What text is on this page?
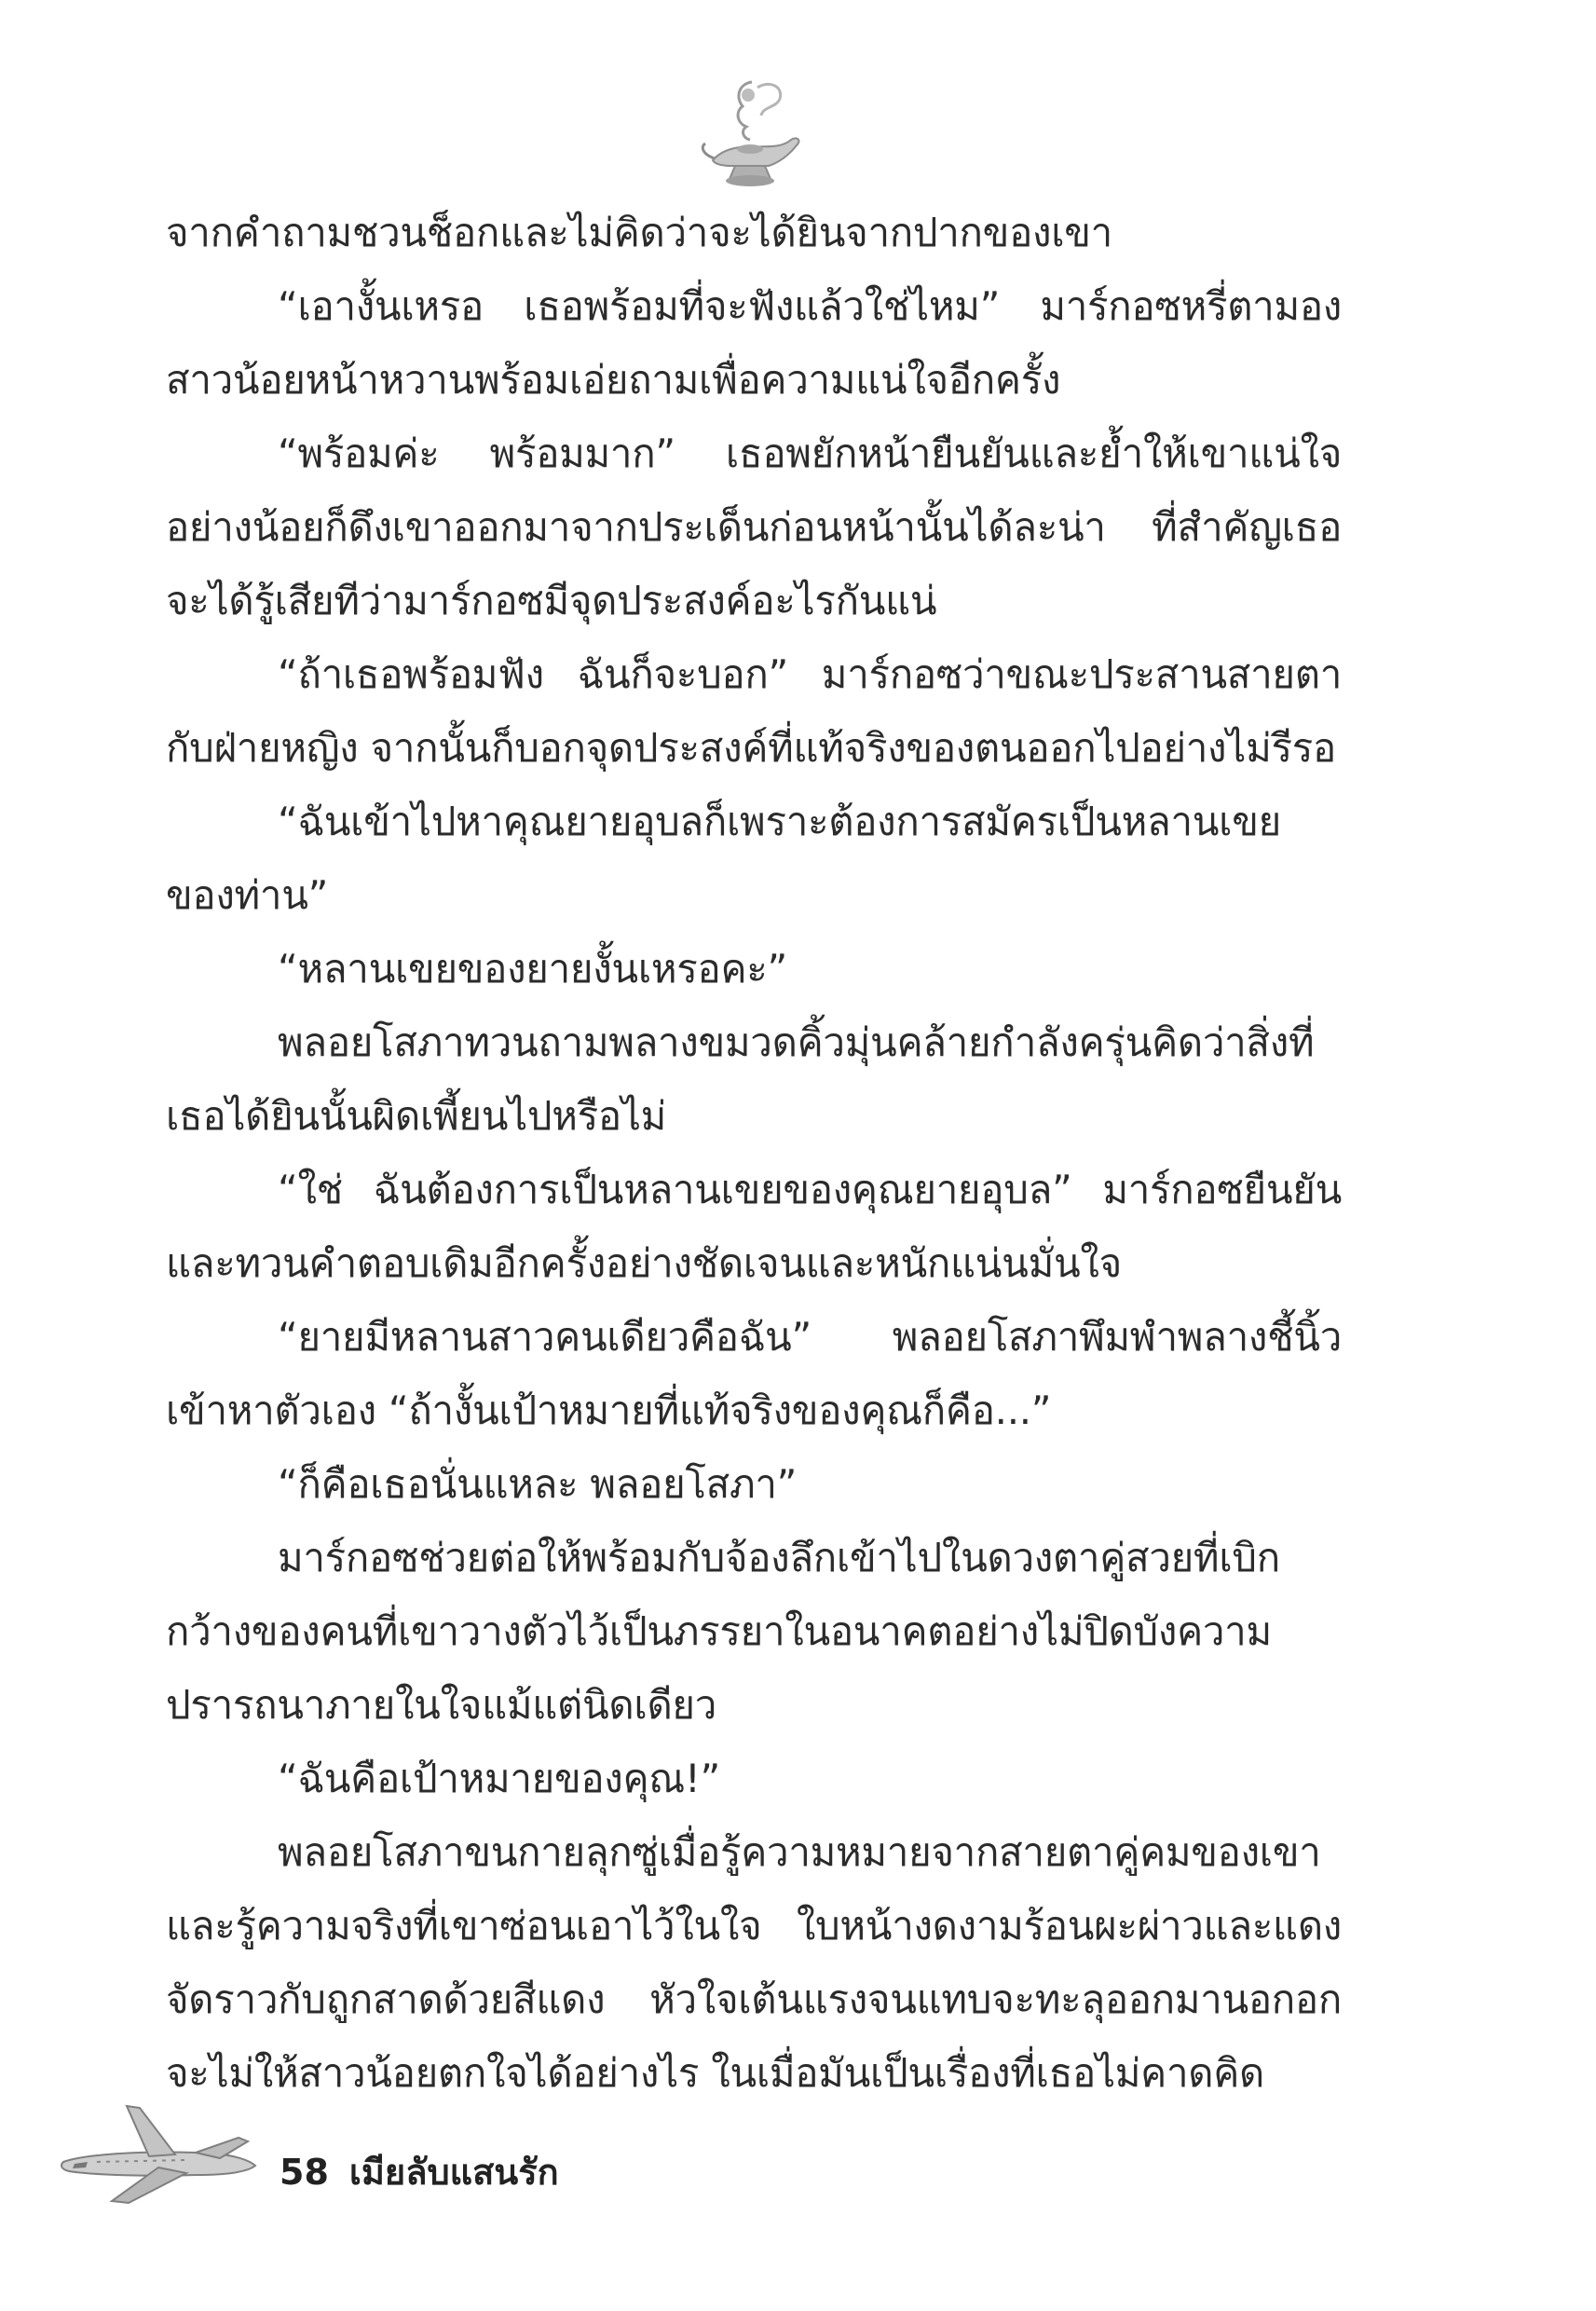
จากคำถามชวนช็อกและไม่คิดว่าจะได้ยินจากปากของเขา

“เอางั้นเหรอ เธอพร้อมที่จะฟังแล้วใช่ไหม” มาร์กอซหรี่ตามองสาวน้อยหน้าหวานพร้อมเอ่ยถามเพื่อความแน่ใจอีกครั้ง

“พร้อมค่ะ พร้อมมาก” เธอพยักหน้ายืนยันและย้ำให้เขาแน่ใจอย่างน้อยก็ดึงเขาออกมาจากประเด็นก่อนหน้านั้นได้ละน่า ที่สำคัญเธอจะได้รู้เสียทีว่ามาร์กอซมีจุดประสงค์อะไรกันแน่

“ถ้าเธอพร้อมฟัง ฉันก็จะบอก” มาร์กอซว่าขณะประสานสายตากับฝ่ายหญิง จากนั้นก็บอกจุดประสงค์ที่แท้จริงของตนออกไปอย่างไม่รีรอ

“ฉันเข้าไปหาคุณยายอุบลก็เพราะต้องการสมัครเป็นหลานเขยของท่าน”

“หลานเขยของยายงั้นเหรอคะ”

พลอยโสภาทวนถามพลางขมวดคิ้วมุ่นคล้ายกำลังครุ่นคิดว่าสิ่งที่เธอได้ยินนั้นผิดเพี้ยนไปหรือไม่

“ใช่ ฉันต้องการเป็นหลานเขยของคุณยายอุบล” มาร์กอซยืนยันและทวนคำตอบเดิมอีกครั้งอย่างชัดเจนและหนักแน่นมั่นใจ

“ยายมีหลานสาวคนเดียวคือฉัน” พลอยโสภาพึมพำพลางชี้นิ้วเข้าหาตัวเอง “ถ้างั้นเป้าหมายที่แท้จริงของคุณก็คือ...”

“ก็คือเธอนั่นแหละ พลอยโสภา”

มาร์กอซช่วยต่อให้พร้อมกับจ้องลึกเข้าไปในดวงตาคู่สวยที่เบิกกว้างของคนที่เขาวางตัวไว้เป็นภรรยาในอนาคตอย่างไม่ปิดบังความปรารถนาภายในใจแม้แต่นิดเดียว

“ฉันคือเป้าหมายของคุณ!”

พลอยโสภาขนกายลุกซู่เมื่อรู้ความหมายจากสายตาคู่คมของเขาและรู้ความจริงที่เขาซ่อนเอาไว้ในใจ ใบหน้างดงามร้อนผะผ่าวและแดงจัดราวกับถูกสาดด้วยสีแดง หัวใจเต้นแรงจนแทบจะทะลุออกมานอกอกจะไม่ให้สาวน้อยตกใจได้อย่างไร ในเมื่อมันเป็นเรื่องที่เธอไม่คาดคิด

58 เมียลับแสนรัก
